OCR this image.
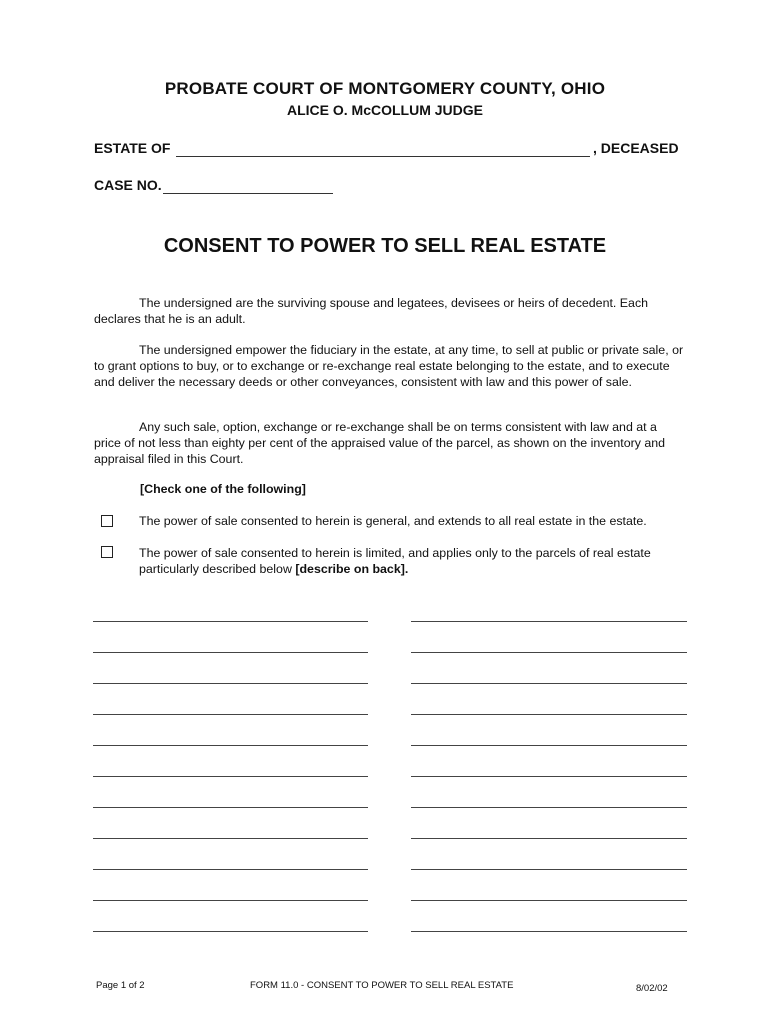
PROBATE COURT OF MONTGOMERY COUNTY, OHIO
ALICE O. McCOLLUM JUDGE
ESTATE OF	, DECEASED
CASE NO.
CONSENT TO POWER TO SELL REAL ESTATE

The undersigned are the surviving spouse and legatees, devisees or heirs of decedent. Each declares that he is an adult.

The undersigned empower the fiduciary in the estate, at any time, to sell at public or private sale, or to grant options to buy, or to exchange or re-exchange real estate belonging to the estate, and to execute and deliver the necessary deeds or other conveyances, consistent with law and this power of sale.

Any such sale, option, exchange or re-exchange shall be on terms consistent with law and at a price of not less than eighty per cent of the appraised value of the parcel, as shown on the inventory and appraisal filed in this Court.

[Check one of the following]
The power of sale consented to herein is general, and extends to all real estate in the estate.
The power of sale consented to herein is limited, and applies only to the parcels of real estate particularly described below [describe on back].
Page 1 of 2	FORM 11.0 - CONSENT TO POWER TO SELL REAL ESTATE	8/02/02
